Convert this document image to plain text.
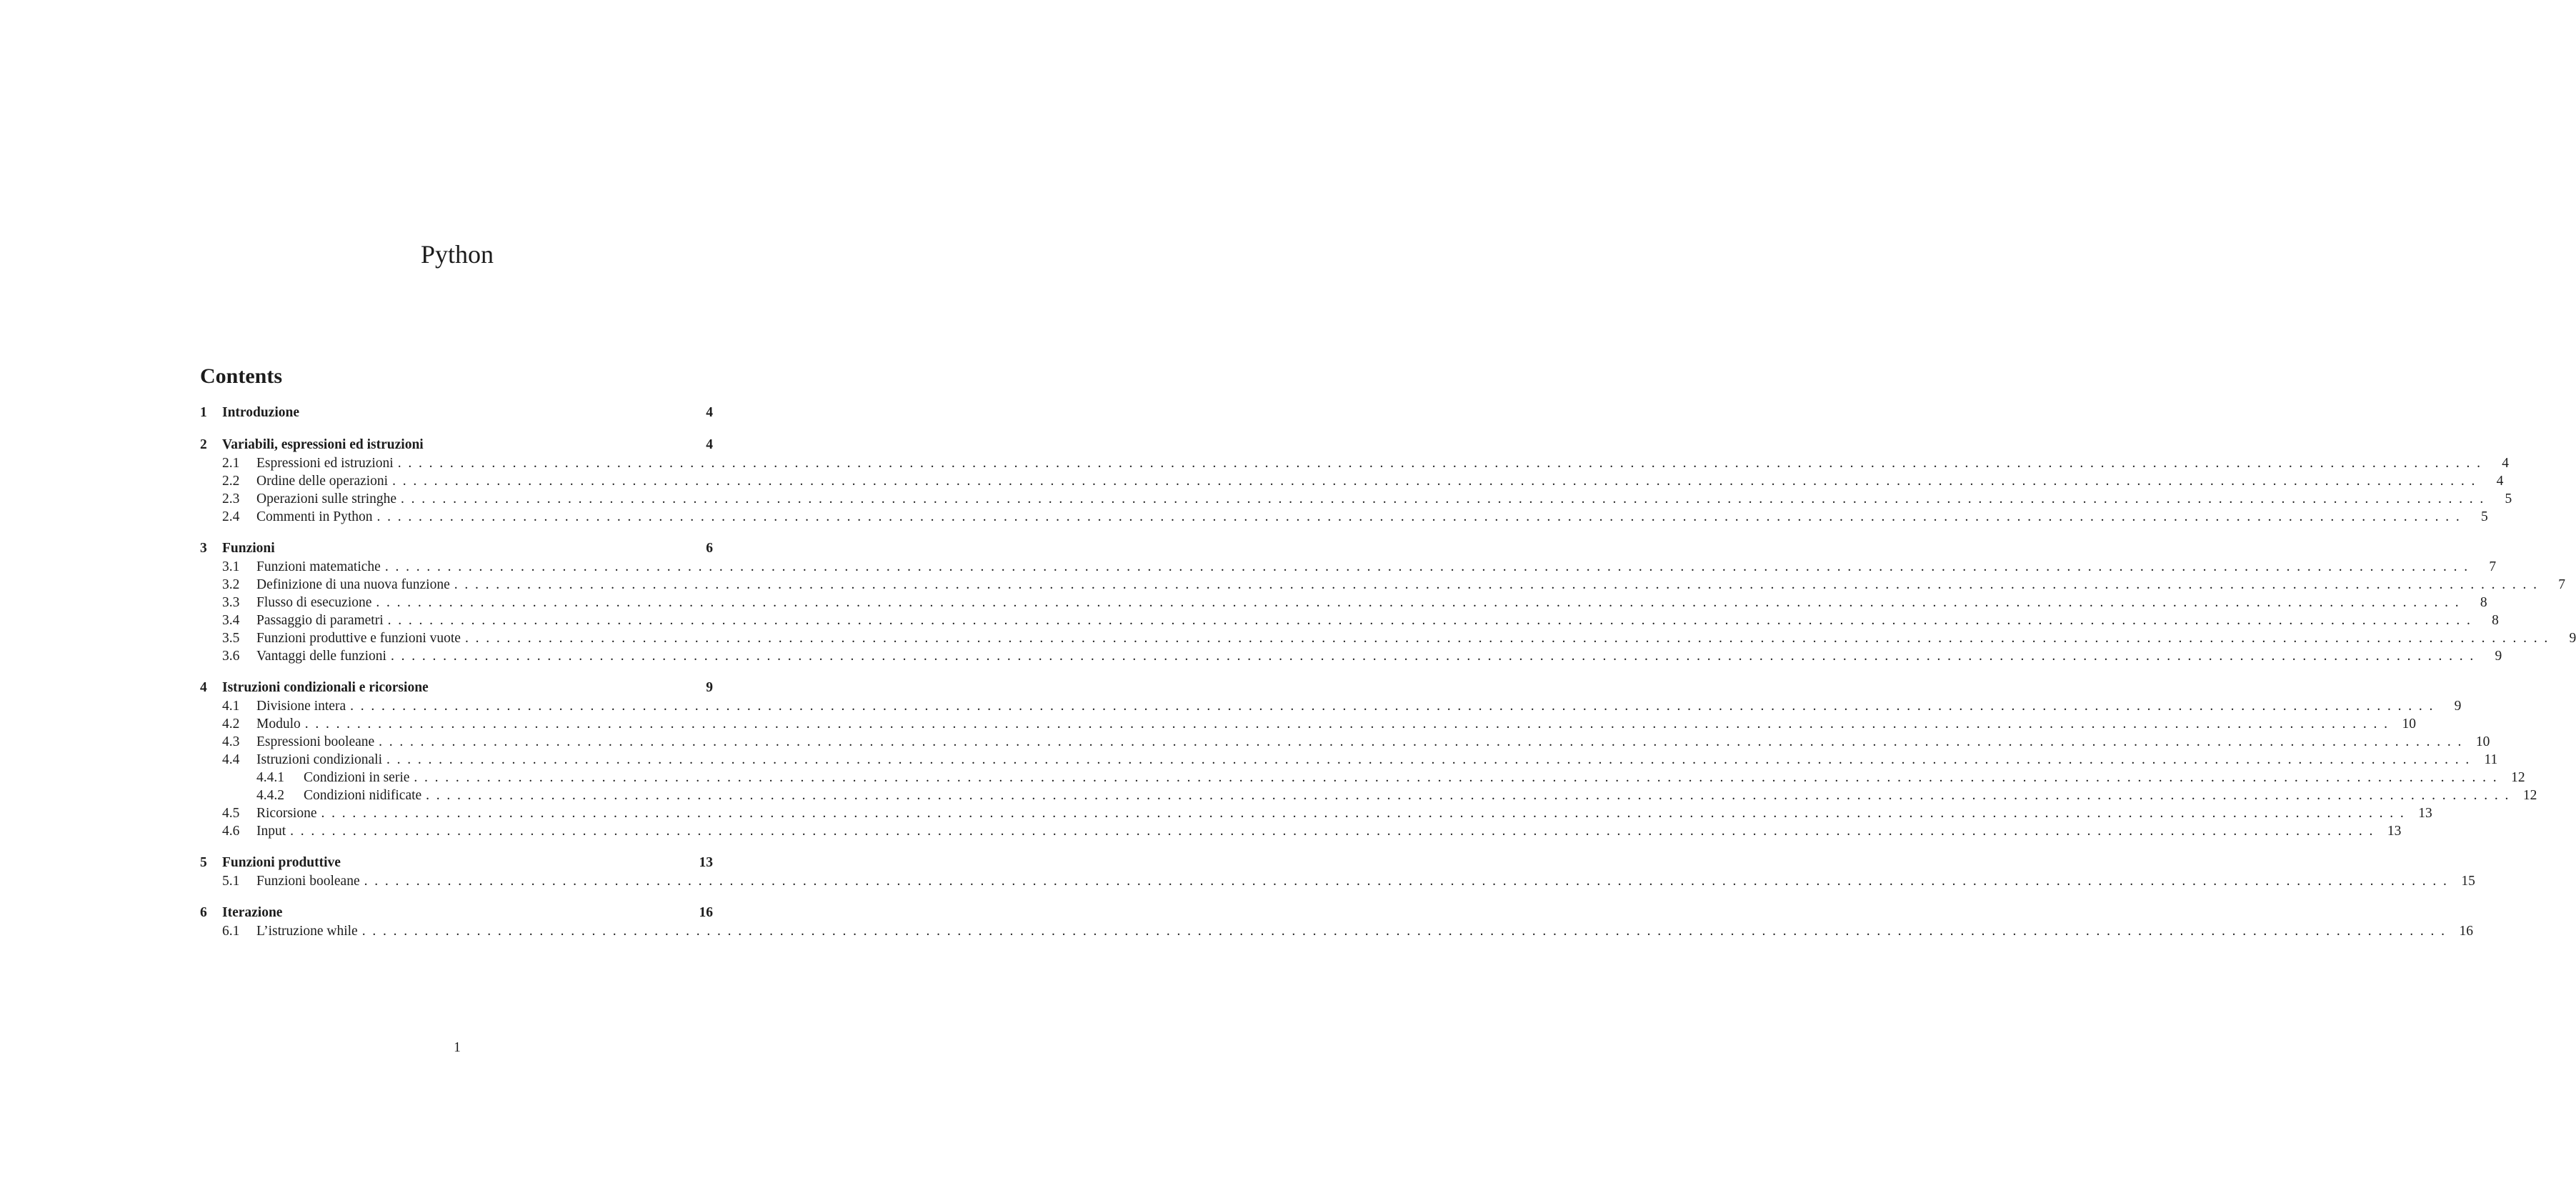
Python
Contents
1	Introduzione	4
2	Variabili, espressioni ed istruzioni	4
2.1	Espressioni ed istruzioni .  .  .  .  .  .  .  .  .  .  .  .  .  .  .  .  .  .  .  .  .  .  .  .  .  .  .  .  .  .  .  .  .  .  .  .  .  .  .  .  .  .  .  .  .  .  .  .  .  .  .  .  .  .  .  .  .  .  .  .  .  .  .  .  .  .  .  .  .  .  .  .  .  .  .  .  .  .  .  .  .  .  .  .  .  .  .  .  .  .  .  .  .  .  .  .  .  .  .  .  .  .  .  .  .  .  .  .  .  .  .  .  .  .  .  .  .  .  .  .  .  .  .  .  .  .  .  .  .  .  .  .  .  .  .  .  .  .  .  .  .  .  .  .  .  .  .  .  .  .  .  .  .  .  .  .  .  .  .  .  .  .  .  .  .  .  .  .  .  .  .  .  .  .  .  .  .  .  .  .  .  .  .  .  .  .  .  .  .  .  .  .  .  .  .  .  .  .  .  .	4
2.2	Ordine delle operazioni .  .  .  .  .  .  .  .  .  .  .  .  .  .  .  .  .  .  .  .  .  .  .  .  .  .  .  .  .  .  .  .  .  .  .  .  .  .  .  .  .  .  .  .  .  .  .  .  .  .  .  .  .  .  .  .  .  .  .  .  .  .  .  .  .  .  .  .  .  .  .  .  .  .  .  .  .  .  .  .  .  .  .  .  .  .  .  .  .  .  .  .  .  .  .  .  .  .  .  .  .  .  .  .  .  .  .  .  .  .  .  .  .  .  .  .  .  .  .  .  .  .  .  .  .  .  .  .  .  .  .  .  .  .  .  .  .  .  .  .  .  .  .  .  .  .  .  .  .  .  .  .  .  .  .  .  .  .  .  .  .  .  .  .  .  .  .  .  .  .  .  .  .  .  .  .  .  .  .  .  .  .  .  .  .  .  .  .  .  .  .  .  .  .  .  .  .  .  .  .	4
2.3	Operazioni sulle stringhe .  .  .  .  .  .  .  .  .  .  .  .  .  .  .  .  .  .  .  .  .  .  .  .  .  .  .  .  .  .  .  .  .  .  .  .  .  .  .  .  .  .  .  .  .  .  .  .  .  .  .  .  .  .  .  .  .  .  .  .  .  .  .  .  .  .  .  .  .  .  .  .  .  .  .  .  .  .  .  .  .  .  .  .  .  .  .  .  .  .  .  .  .  .  .  .  .  .  .  .  .  .  .  .  .  .  .  .  .  .  .  .  .  .  .  .  .  .  .  .  .  .  .  .  .  .  .  .  .  .  .  .  .  .  .  .  .  .  .  .  .  .  .  .  .  .  .  .  .  .  .  .  .  .  .  .  .  .  .  .  .  .  .  .  .  .  .  .  .  .  .  .  .  .  .  .  .  .  .  .  .  .  .  .  .  .  .  .  .  .  .  .  .  .  .  .  .  .  .  .	5
2.4	Commenti in Python .  .  .  .  .  .  .  .  .  .  .  .  .  .  .  .  .  .  .  .  .  .  .  .  .  .  .  .  .  .  .  .  .  .  .  .  .  .  .  .  .  .  .  .  .  .  .  .  .  .  .  .  .  .  .  .  .  .  .  .  .  .  .  .  .  .  .  .  .  .  .  .  .  .  .  .  .  .  .  .  .  .  .  .  .  .  .  .  .  .  .  .  .  .  .  .  .  .  .  .  .  .  .  .  .  .  .  .  .  .  .  .  .  .  .  .  .  .  .  .  .  .  .  .  .  .  .  .  .  .  .  .  .  .  .  .  .  .  .  .  .  .  .  .  .  .  .  .  .  .  .  .  .  .  .  .  .  .  .  .  .  .  .  .  .  .  .  .  .  .  .  .  .  .  .  .  .  .  .  .  .  .  .  .  .  .  .  .  .  .  .  .  .  .  .  .  .  .  .  .	5
3	Funzioni	6
3.1	Funzioni matematiche .  .  .  .  .  .  .  .  .  .  .  .  .  .  .  .  .  .  .  .  .  .  .  .  .  .  .  .  .  .  .  .  .  .  .  .  .  .  .  .  .  .  .  .  .  .  .  .  .  .  .  .  .  .  .  .  .  .  .  .  .  .  .  .  .  .  .  .  .  .  .  .  .  .  .  .  .  .  .  .  .  .  .  .  .  .  .  .  .  .  .  .  .  .  .  .  .  .  .  .  .  .  .  .  .  .  .  .  .  .  .  .  .  .  .  .  .  .  .  .  .  .  .  .  .  .  .  .  .  .  .  .  .  .  .  .  .  .  .  .  .  .  .  .  .  .  .  .  .  .  .  .  .  .  .  .  .  .  .  .  .  .  .  .  .  .  .  .  .  .  .  .  .  .  .  .  .  .  .  .  .  .  .  .  .  .  .  .  .  .  .  .  .  .  .  .  .  .  .  .	7
3.2	Definizione di una nuova funzione .  .  .  .  .  .  .  .  .  .  .  .  .  .  .  .  .  .  .  .  .  .  .  .  .  .  .  .  .  .  .  .  .  .  .  .  .  .  .  .  .  .  .  .  .  .  .  .  .  .  .  .  .  .  .  .  .  .  .  .  .  .  .  .  .  .  .  .  .  .  .  .  .  .  .  .  .  .  .  .  .  .  .  .  .  .  .  .  .  .  .  .  .  .  .  .  .  .  .  .  .  .  .  .  .  .  .  .  .  .  .  .  .  .  .  .  .  .  .  .  .  .  .  .  .  .  .  .  .  .  .  .  .  .  .  .  .  .  .  .  .  .  .  .  .  .  .  .  .  .  .  .  .  .  .  .  .  .  .  .  .  .  .  .  .  .  .  .  .  .  .  .  .  .  .  .  .  .  .  .  .  .  .  .  .  .  .  .  .  .  .  .  .  .  .  .  .  .  .  .	7
3.3	Flusso di esecuzione .  .  .  .  .  .  .  .  .  .  .  .  .  .  .  .  .  .  .  .  .  .  .  .  .  .  .  .  .  .  .  .  .  .  .  .  .  .  .  .  .  .  .  .  .  .  .  .  .  .  .  .  .  .  .  .  .  .  .  .  .  .  .  .  .  .  .  .  .  .  .  .  .  .  .  .  .  .  .  .  .  .  .  .  .  .  .  .  .  .  .  .  .  .  .  .  .  .  .  .  .  .  .  .  .  .  .  .  .  .  .  .  .  .  .  .  .  .  .  .  .  .  .  .  .  .  .  .  .  .  .  .  .  .  .  .  .  .  .  .  .  .  .  .  .  .  .  .  .  .  .  .  .  .  .  .  .  .  .  .  .  .  .  .  .  .  .  .  .  .  .  .  .  .  .  .  .  .  .  .  .  .  .  .  .  .  .  .  .  .  .  .  .  .  .  .  .  .  .  .	8
3.4	Passaggio di parametri .  .  .  .  .  .  .  .  .  .  .  .  .  .  .  .  .  .  .  .  .  .  .  .  .  .  .  .  .  .  .  .  .  .  .  .  .  .  .  .  .  .  .  .  .  .  .  .  .  .  .  .  .  .  .  .  .  .  .  .  .  .  .  .  .  .  .  .  .  .  .  .  .  .  .  .  .  .  .  .  .  .  .  .  .  .  .  .  .  .  .  .  .  .  .  .  .  .  .  .  .  .  .  .  .  .  .  .  .  .  .  .  .  .  .  .  .  .  .  .  .  .  .  .  .  .  .  .  .  .  .  .  .  .  .  .  .  .  .  .  .  .  .  .  .  .  .  .  .  .  .  .  .  .  .  .  .  .  .  .  .  .  .  .  .  .  .  .  .  .  .  .  .  .  .  .  .  .  .  .  .  .  .  .  .  .  .  .  .  .  .  .  .  .  .  .  .  .  .  .	8
3.5	Funzioni produttive e funzioni vuote .  .  .  .  .  .  .  .  .  .  .  .  .  .  .  .  .  .  .  .  .  .  .  .  .  .  .  .  .  .  .  .  .  .  .  .  .  .  .  .  .  .  .  .  .  .  .  .  .  .  .  .  .  .  .  .  .  .  .  .  .  .  .  .  .  .  .  .  .  .  .  .  .  .  .  .  .  .  .  .  .  .  .  .  .  .  .  .  .  .  .  .  .  .  .  .  .  .  .  .  .  .  .  .  .  .  .  .  .  .  .  .  .  .  .  .  .  .  .  .  .  .  .  .  .  .  .  .  .  .  .  .  .  .  .  .  .  .  .  .  .  .  .  .  .  .  .  .  .  .  .  .  .  .  .  .  .  .  .  .  .  .  .  .  .  .  .  .  .  .  .  .  .  .  .  .  .  .  .  .  .  .  .  .  .  .  .  .  .  .  .  .  .  .  .  .  .  .  .  .	9
3.6	Vantaggi delle funzioni .  .  .  .  .  .  .  .  .  .  .  .  .  .  .  .  .  .  .  .  .  .  .  .  .  .  .  .  .  .  .  .  .  .  .  .  .  .  .  .  .  .  .  .  .  .  .  .  .  .  .  .  .  .  .  .  .  .  .  .  .  .  .  .  .  .  .  .  .  .  .  .  .  .  .  .  .  .  .  .  .  .  .  .  .  .  .  .  .  .  .  .  .  .  .  .  .  .  .  .  .  .  .  .  .  .  .  .  .  .  .  .  .  .  .  .  .  .  .  .  .  .  .  .  .  .  .  .  .  .  .  .  .  .  .  .  .  .  .  .  .  .  .  .  .  .  .  .  .  .  .  .  .  .  .  .  .  .  .  .  .  .  .  .  .  .  .  .  .  .  .  .  .  .  .  .  .  .  .  .  .  .  .  .  .  .  .  .  .  .  .  .  .  .  .  .  .  .  .  .	9
4	Istruzioni condizionali e ricorsione	9
4.1	Divisione intera .  .  .  .  .  .  .  .  .  .  .  .  .  .  .  .  .  .  .  .  .  .  .  .  .  .  .  .  .  .  .  .  .  .  .  .  .  .  .  .  .  .  .  .  .  .  .  .  .  .  .  .  .  .  .  .  .  .  .  .  .  .  .  .  .  .  .  .  .  .  .  .  .  .  .  .  .  .  .  .  .  .  .  .  .  .  .  .  .  .  .  .  .  .  .  .  .  .  .  .  .  .  .  .  .  .  .  .  .  .  .  .  .  .  .  .  .  .  .  .  .  .  .  .  .  .  .  .  .  .  .  .  .  .  .  .  .  .  .  .  .  .  .  .  .  .  .  .  .  .  .  .  .  .  .  .  .  .  .  .  .  .  .  .  .  .  .  .  .  .  .  .  .  .  .  .  .  .  .  .  .  .  .  .  .  .  .  .  .  .  .  .  .  .  .  .  .  .  .  .	9
4.2	Modulo .  .  .  .  .  .  .  .  .  .  .  .  .  .  .  .  .  .  .  .  .  .  .  .  .  .  .  .  .  .  .  .  .  .  .  .  .  .  .  .  .  .  .  .  .  .  .  .  .  .  .  .  .  .  .  .  .  .  .  .  .  .  .  .  .  .  .  .  .  .  .  .  .  .  .  .  .  .  .  .  .  .  .  .  .  .  .  .  .  .  .  .  .  .  .  .  .  .  .  .  .  .  .  .  .  .  .  .  .  .  .  .  .  .  .  .  .  .  .  .  .  .  .  .  .  .  .  .  .  .  .  .  .  .  .  .  .  .  .  .  .  .  .  .  .  .  .  .  .  .  .  .  .  .  .  .  .  .  .  .  .  .  .  .  .  .  .  .  .  .  .  .  .  .  .  .  .  .  .  .  .  .  .  .  .  .  .  .  .  .  .  .  .  .  .  .  .  .  .  .	10
4.3	Espressioni booleane .  .  .  .  .  .  .  .  .  .  .  .  .  .  .  .  .  .  .  .  .  .  .  .  .  .  .  .  .  .  .  .  .  .  .  .  .  .  .  .  .  .  .  .  .  .  .  .  .  .  .  .  .  .  .  .  .  .  .  .  .  .  .  .  .  .  .  .  .  .  .  .  .  .  .  .  .  .  .  .  .  .  .  .  .  .  .  .  .  .  .  .  .  .  .  .  .  .  .  .  .  .  .  .  .  .  .  .  .  .  .  .  .  .  .  .  .  .  .  .  .  .  .  .  .  .  .  .  .  .  .  .  .  .  .  .  .  .  .  .  .  .  .  .  .  .  .  .  .  .  .  .  .  .  .  .  .  .  .  .  .  .  .  .  .  .  .  .  .  .  .  .  .  .  .  .  .  .  .  .  .  .  .  .  .  .  .  .  .  .  .  .  .  .  .  .  .  .  .  .	10
4.4	Istruzioni condizionali .  .  .  .  .  .  .  .  .  .  .  .  .  .  .  .  .  .  .  .  .  .  .  .  .  .  .  .  .  .  .  .  .  .  .  .  .  .  .  .  .  .  .  .  .  .  .  .  .  .  .  .  .  .  .  .  .  .  .  .  .  .  .  .  .  .  .  .  .  .  .  .  .  .  .  .  .  .  .  .  .  .  .  .  .  .  .  .  .  .  .  .  .  .  .  .  .  .  .  .  .  .  .  .  .  .  .  .  .  .  .  .  .  .  .  .  .  .  .  .  .  .  .  .  .  .  .  .  .  .  .  .  .  .  .  .  .  .  .  .  .  .  .  .  .  .  .  .  .  .  .  .  .  .  .  .  .  .  .  .  .  .  .  .  .  .  .  .  .  .  .  .  .  .  .  .  .  .  .  .  .  .  .  .  .  .  .  .  .  .  .  .  .  .  .  .  .  .  .  .	11
4.4.1	Condizioni in serie .  .  .  .  .  .  .  .  .  .  .  .  .  .  .  .  .  .  .  .  .  .  .  .  .  .  .  .  .  .  .  .  .  .  .  .  .  .  .  .  .  .  .  .  .  .  .  .  .  .  .  .  .  .  .  .  .  .  .  .  .  .  .  .  .  .  .  .  .  .  .  .  .  .  .  .  .  .  .  .  .  .  .  .  .  .  .  .  .  .  .  .  .  .  .  .  .  .  .  .  .  .  .  .  .  .  .  .  .  .  .  .  .  .  .  .  .  .  .  .  .  .  .  .  .  .  .  .  .  .  .  .  .  .  .  .  .  .  .  .  .  .  .  .  .  .  .  .  .  .  .  .  .  .  .  .  .  .  .  .  .  .  .  .  .  .  .  .  .  .  .  .  .  .  .  .  .  .  .  .  .  .  .  .  .  .  .  .  .  .  .  .  .  .  .  .  .  .  .  .	12
4.4.2	Condizioni nidificate .  .  .  .  .  .  .  .  .  .  .  .  .  .  .  .  .  .  .  .  .  .  .  .  .  .  .  .  .  .  .  .  .  .  .  .  .  .  .  .  .  .  .  .  .  .  .  .  .  .  .  .  .  .  .  .  .  .  .  .  .  .  .  .  .  .  .  .  .  .  .  .  .  .  .  .  .  .  .  .  .  .  .  .  .  .  .  .  .  .  .  .  .  .  .  .  .  .  .  .  .  .  .  .  .  .  .  .  .  .  .  .  .  .  .  .  .  .  .  .  .  .  .  .  .  .  .  .  .  .  .  .  .  .  .  .  .  .  .  .  .  .  .  .  .  .  .  .  .  .  .  .  .  .  .  .  .  .  .  .  .  .  .  .  .  .  .  .  .  .  .  .  .  .  .  .  .  .  .  .  .  .  .  .  .  .  .  .  .  .  .  .  .  .  .  .  .  .  .  .	12
4.5	Ricorsione .  .  .  .  .  .  .  .  .  .  .  .  .  .  .  .  .  .  .  .  .  .  .  .  .  .  .  .  .  .  .  .  .  .  .  .  .  .  .  .  .  .  .  .  .  .  .  .  .  .  .  .  .  .  .  .  .  .  .  .  .  .  .  .  .  .  .  .  .  .  .  .  .  .  .  .  .  .  .  .  .  .  .  .  .  .  .  .  .  .  .  .  .  .  .  .  .  .  .  .  .  .  .  .  .  .  .  .  .  .  .  .  .  .  .  .  .  .  .  .  .  .  .  .  .  .  .  .  .  .  .  .  .  .  .  .  .  .  .  .  .  .  .  .  .  .  .  .  .  .  .  .  .  .  .  .  .  .  .  .  .  .  .  .  .  .  .  .  .  .  .  .  .  .  .  .  .  .  .  .  .  .  .  .  .  .  .  .  .  .  .  .  .  .  .  .  .  .  .  .	13
4.6	Input .  .  .  .  .  .  .  .  .  .  .  .  .  .  .  .  .  .  .  .  .  .  .  .  .  .  .  .  .  .  .  .  .  .  .  .  .  .  .  .  .  .  .  .  .  .  .  .  .  .  .  .  .  .  .  .  .  .  .  .  .  .  .  .  .  .  .  .  .  .  .  .  .  .  .  .  .  .  .  .  .  .  .  .  .  .  .  .  .  .  .  .  .  .  .  .  .  .  .  .  .  .  .  .  .  .  .  .  .  .  .  .  .  .  .  .  .  .  .  .  .  .  .  .  .  .  .  .  .  .  .  .  .  .  .  .  .  .  .  .  .  .  .  .  .  .  .  .  .  .  .  .  .  .  .  .  .  .  .  .  .  .  .  .  .  .  .  .  .  .  .  .  .  .  .  .  .  .  .  .  .  .  .  .  .  .  .  .  .  .  .  .  .  .  .  .  .  .  .  .	13
5	Funzioni produttive	13
5.1	Funzioni booleane .  .  .  .  .  .  .  .  .  .  .  .  .  .  .  .  .  .  .  .  .  .  .  .  .  .  .  .  .  .  .  .  .  .  .  .  .  .  .  .  .  .  .  .  .  .  .  .  .  .  .  .  .  .  .  .  .  .  .  .  .  .  .  .  .  .  .  .  .  .  .  .  .  .  .  .  .  .  .  .  .  .  .  .  .  .  .  .  .  .  .  .  .  .  .  .  .  .  .  .  .  .  .  .  .  .  .  .  .  .  .  .  .  .  .  .  .  .  .  .  .  .  .  .  .  .  .  .  .  .  .  .  .  .  .  .  .  .  .  .  .  .  .  .  .  .  .  .  .  .  .  .  .  .  .  .  .  .  .  .  .  .  .  .  .  .  .  .  .  .  .  .  .  .  .  .  .  .  .  .  .  .  .  .  .  .  .  .  .  .  .  .  .  .  .  .  .  .  .  .	15
6	Iterazione	16
6.1	L’istruzione while .  .  .  .  .  .  .  .  .  .  .  .  .  .  .  .  .  .  .  .  .  .  .  .  .  .  .  .  .  .  .  .  .  .  .  .  .  .  .  .  .  .  .  .  .  .  .  .  .  .  .  .  .  .  .  .  .  .  .  .  .  .  .  .  .  .  .  .  .  .  .  .  .  .  .  .  .  .  .  .  .  .  .  .  .  .  .  .  .  .  .  .  .  .  .  .  .  .  .  .  .  .  .  .  .  .  .  .  .  .  .  .  .  .  .  .  .  .  .  .  .  .  .  .  .  .  .  .  .  .  .  .  .  .  .  .  .  .  .  .  .  .  .  .  .  .  .  .  .  .  .  .  .  .  .  .  .  .  .  .  .  .  .  .  .  .  .  .  .  .  .  .  .  .  .  .  .  .  .  .  .  .  .  .  .  .  .  .  .  .  .  .  .  .  .  .  .  .  .  .	16
1
